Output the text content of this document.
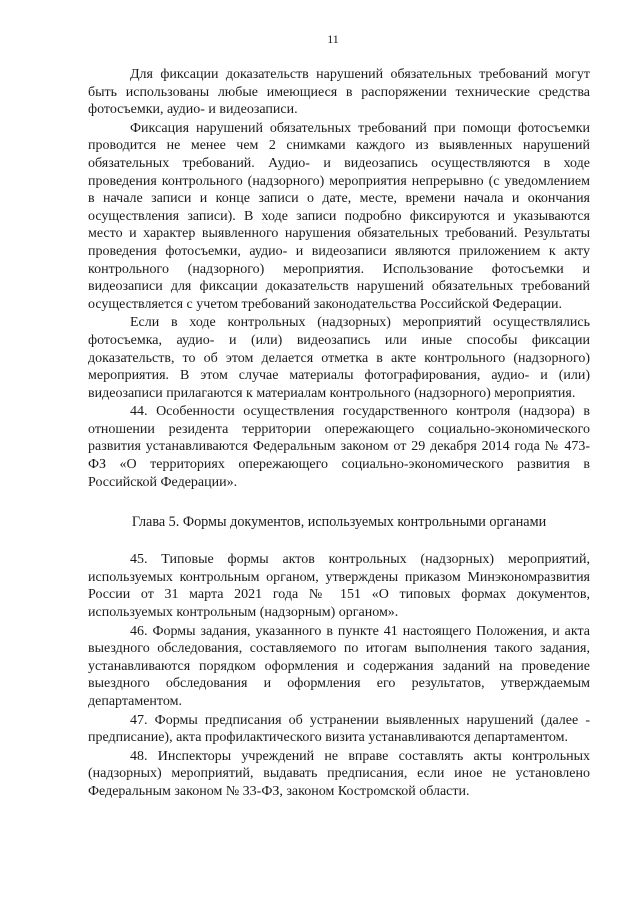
11

Для фиксации доказательств нарушений обязательных требований могут быть использованы любые имеющиеся в распоряжении технические средства фотосъемки, аудио- и видеозаписи.

Фиксация нарушений обязательных требований при помощи фотосъемки проводится не менее чем 2 снимками каждого из выявленных нарушений обязательных требований. Аудио- и видеозапись осуществляются в ходе проведения контрольного (надзорного) мероприятия непрерывно (с уведомлением в начале записи и конце записи о дате, месте, времени начала и окончания осуществления записи). В ходе записи подробно фиксируются и указываются место и характер выявленного нарушения обязательных требований. Результаты проведения фотосъемки, аудио- и видеозаписи являются приложением к акту контрольного (надзорного) мероприятия. Использование фотосъемки и видеозаписи для фиксации доказательств нарушений обязательных требований осуществляется с учетом требований законодательства Российской Федерации.

Если в ходе контрольных (надзорных) мероприятий осуществлялись фотосъемка, аудио- и (или) видеозапись или иные способы фиксации доказательств, то об этом делается отметка в акте контрольного (надзорного) мероприятия. В этом случае материалы фотографирования, аудио- и (или) видеозаписи прилагаются к материалам контрольного (надзорного) мероприятия.

44. Особенности осуществления государственного контроля (надзора) в отношении резидента территории опережающего социально-экономического развития устанавливаются Федеральным законом от 29 декабря 2014 года № 473-ФЗ «О территориях опережающего социально-экономического развития в Российской Федерации».

Глава 5. Формы документов, используемых контрольными органами

45. Типовые формы актов контрольных (надзорных) мероприятий, используемых контрольным органом, утверждены приказом Минэкономразвития России от 31 марта 2021 года № 151 «О типовых формах документов, используемых контрольным (надзорным) органом».

46. Формы задания, указанного в пункте 41 настоящего Положения, и акта выездного обследования, составляемого по итогам выполнения такого задания, устанавливаются порядком оформления и содержания заданий на проведение выездного обследования и оформления его результатов, утверждаемым департаментом.

47. Формы предписания об устранении выявленных нарушений (далее - предписание), акта профилактического визита устанавливаются департаментом.

48. Инспекторы учреждений не вправе составлять акты контрольных (надзорных) мероприятий, выдавать предписания, если иное не установлено Федеральным законом № 33-ФЗ, законом Костромской области.
